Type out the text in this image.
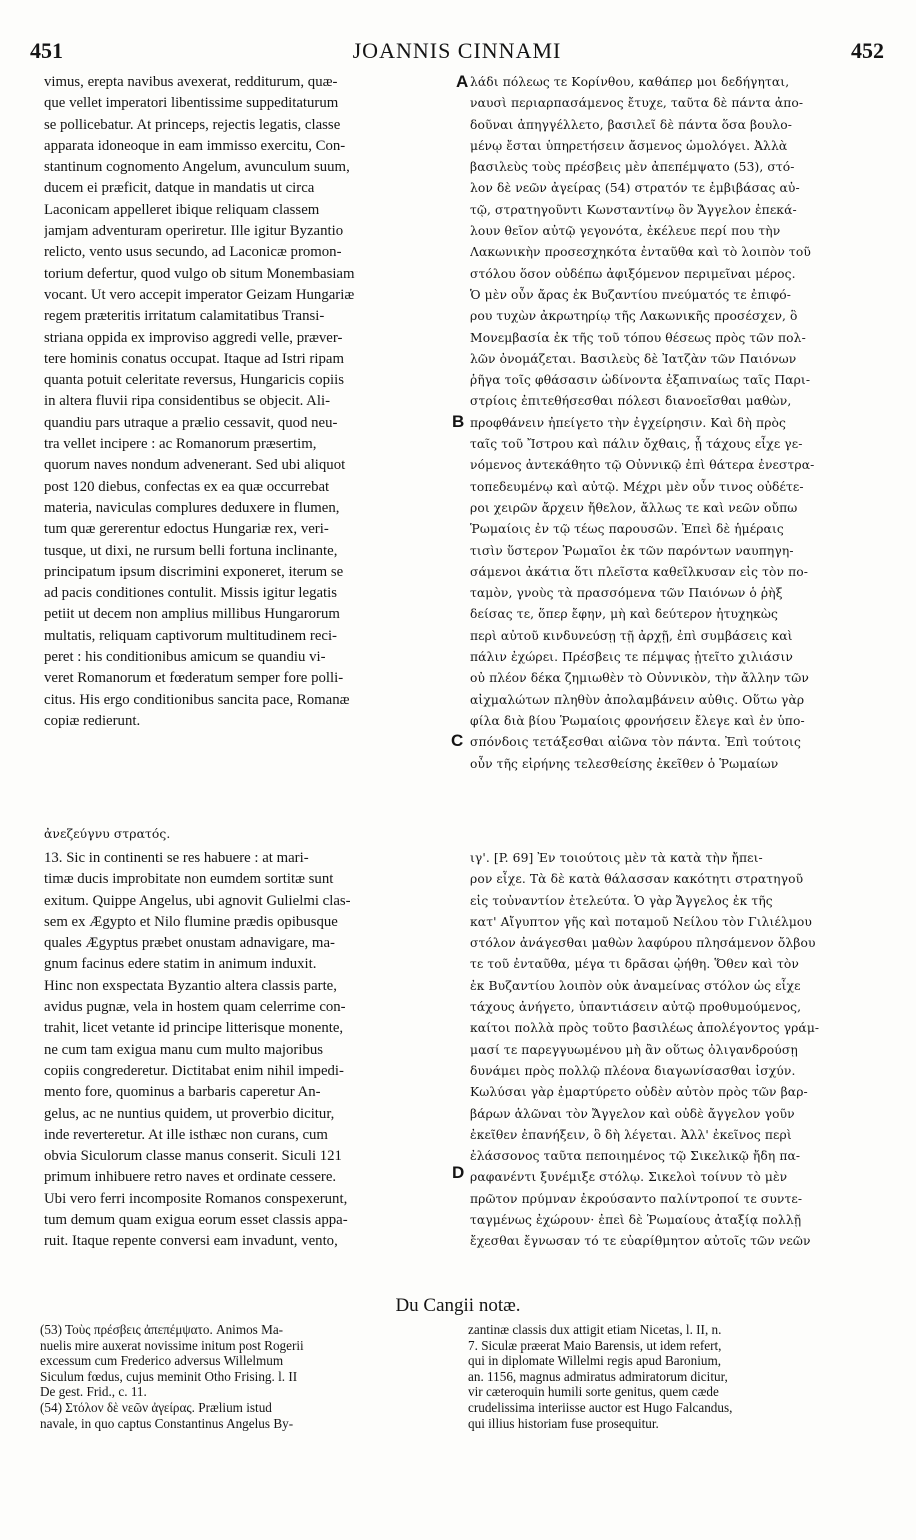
451	JOANNIS CINNAMI	452
vimus, erepta navibus avexerat, redditurum, quæ-
que vellet imperatori libentissime suppeditaturum
se pollicebatur. At princeps, rejectis legatis, classe
apparata idoneoque in eam immisso exercitu, Con-
stantinum cognomento Angelum, avunculum suum,
ducem ei præficit, datque in mandatis ut circa
Laconicam appelleret ibique reliquam classem
jamjam adventuram operiretur. Ille igitur Byzantio
relicto, vento usus secundo, ad Laconicæ promon-
torium defertur, quod vulgo ob situm Monembasiam
vocant. Ut vero accepit imperator Geizam Hungariæ
regem præteritis irritatum calamitatibus Transi-
striana oppida ex improviso aggredi velle, præver-
tere hominis conatus occupat. Itaque ad Istri ripam
quanta potuit celeritate reversus, Hungaricis copiis
in altera fluvii ripa considentibus se objecit. Ali-
quandiu pars utraque a prælio cessavit, quod neu-
tra vellet incipere : ac Romanorum præsertim,
quorum naves nondum advenerant. Sed ubi aliquot
post 120 diebus, confectas ex ea quæ occurrebat
materia, naviculas complures deduxere in flumen,
tum quæ gererentur edoctus Hungariæ rex, veri-
tusque, ut dixi, ne rursum belli fortuna inclinante,
principatum ipsum discrimini exponeret, iterum se
ad pacis conditiones contulit. Missis igitur legatis
petiit ut decem non amplius millibus Hungarorum
multatis, reliquam captivorum multitudinem reci-
peret : his conditionibus amicum se quandiu vi-
veret Romanorum et fœderatum semper fore polli-
citus. His ergo conditionibus sancita pace, Romanæ
copiæ redierunt.
λάδι πόλεως τε Κορίνθου, καθάπερ μοι δεδήγηται,
ναυσὶ περιαρπασάμενος ἔτυχε, ταῦτα δὲ πάντα ἀπο-
δοῦναι ἀπηγγέλλετο, βασιλεῖ δὲ πάντα ὅσα βουλο-
μένῳ ἔσται ὑπηρετήσειν ἄσμενος ὡμολόγει. Ἀλλὰ
βασιλεὺς τοὺς πρέσβεις μὲν ἀπεπέμψατο (53), στό-
λον δὲ νεῶν ἀγείρας (54) στρατόν τε ἐμβιβάσας αὐ-
τῷ, στρατηγοῦντι Κωνσταντίνῳ ὃν Ἄγγελον ἐπεκά-
λουν θεῖον αὐτῷ γεγονότα, ἐκέλευε περί που τὴν
Λακωνικὴν προσεσχηκότα ἐνταῦθα καὶ τὸ λοιπὸν τοῦ
στόλου ὅσον οὐδέπω ἀφιξόμενον περιμεῖναι μέρος.
Ὁ μὲν οὖν ἄρας ἐκ Βυζαντίου πνεύματός τε ἐπιφό-
ρου τυχὼν ἀκρωτηρίῳ τῆς Λακωνικῆς προσέσχεν, ὃ
Μονεμβασία ἐκ τῆς τοῦ τόπου θέσεως πρὸς τῶν πολ-
λῶν ὀνομάζεται. Βασιλεὺς δὲ Ἰατζὰν τῶν Παιόνων
ῥῆγα τοῖς φθάσασιν ὠδίνοντα ἐξαπιναίως ταῖς Παρι-
στρίοις ἐπιτεθήσεσθαι πόλεσι διανοεῖσθαι μαθὼν,
προφθάνειν ἠπείγετο τὴν ἐγχείρησιν. Καὶ δὴ πρὸς
ταῖς τοῦ Ἴστρου καὶ πάλιν ὄχθαις, ᾗ τάχους εἶχε γε-
νόμενος ἀντεκάθητο τῷ Οὐννικῷ ἐπὶ θάτερα ἐνεστρα-
τοπεδευμένῳ καὶ αὐτῷ. Μέχρι μὲν οὖν τινος οὐδέτε-
ροι χειρῶν ἄρχειν ἤθελον, ἄλλως τε καὶ νεῶν οὔπω
Ῥωμαίοις ἐν τῷ τέως παρουσῶν. Ἐπεὶ δὲ ἡμέραις
τισὶν ὕστερον Ῥωμαῖοι ἐκ τῶν παρόντων ναυπηγη-
σάμενοι ἀκάτια ὅτι πλεῖστα καθεῖλκυσαν εἰς τὸν πο-
ταμὸν, γνοὺς τὰ πρασσόμενα τῶν Παιόνων ὁ ῥὴξ
δείσας τε, ὅπερ ἔφην, μὴ καὶ δεύτερον ἠτυχηκὼς
περὶ αὐτοῦ κινδυνεύσῃ τῇ ἀρχῇ, ἐπὶ συμβάσεις καὶ
πάλιν ἐχώρει. Πρέσβεις τε πέμψας ᾐτεῖτο χιλιάσιν
οὐ πλέον δέκα ζημιωθὲν τὸ Οὐννικὸν, τὴν ἄλλην τῶν
αἰχμαλώτων πληθὺν ἀπολαμβάνειν αὐθις. Οὕτω γὰρ
φίλα διὰ βίου Ῥωμαίοις φρονήσειν ἔλεγε καὶ ἐν ὑπο-
σπόνδοις τετάξεσθαι αἰῶνα τὸν πάντα. Ἐπὶ τούτοις
οὖν τῆς εἰρήνης τελεσθείσης ἐκεῖθεν ὁ Ῥωμαίων
ἀνεζεύγνυ στρατός.
13. Sic in continenti se res habuere : at mari-
timæ ducis improbitate non eumdem sortitæ sunt
exitum. Quippe Angelus, ubi agnovit Gulielmi clas-
sem ex Ægypto et Nilo flumine prædis opibusque
quales Ægyptus præbet onustam adnavigare, ma-
gnum facinus edere statim in animum induxit.
Hinc non exspectata Byzantio altera classis parte,
avidus pugnæ, vela in hostem quam celerrime con-
trahit, licet vetante id principe litterisque monente,
ne cum tam exigua manu cum multo majoribus
copiis congrederetur. Dictitabat enim nihil impedi-
mento fore, quominus a barbaris caperetur An-
gelus, ac ne nuntius quidem, ut proverbio dicitur,
inde reverteretur. At ille isthæc non curans, cum
obvia Siculorum classe manus conserit. Siculi 121
primum inhibuere retro naves et ordinate cessere.
Ubi vero ferri incomposite Romanos conspexerunt,
tum demum quam exigua eorum esset classis appa-
ruit. Itaque repente conversi eam invadunt, vento,
ιγ'. [P. 69] Ἐν τοιούτοις μὲν τὰ κατὰ τὴν ἤπει-
ρον εἶχε. Τὰ δὲ κατὰ θάλασσαν κακότητι στρατηγοῦ
εἰς τοὐναντίον ἐτελεύτα. Ὁ γὰρ Ἄγγελος ἐκ τῆς
κατ' Αἴγυπτον γῆς καὶ ποταμοῦ Νείλου τὸν Γιλιέλμου
στόλον ἀνάγεσθαι μαθὼν λαφύρου πλησάμενον ὄλβου
τε τοῦ ἐνταῦθα, μέγα τι δρᾶσαι ᾠήθη. Ὅθεν καὶ τὸν
ἐκ Βυζαντίου λοιπὸν οὐκ ἀναμείνας στόλον ὡς εἶχε
τάχους ἀνήγετο, ὑπαντιάσειν αὐτῷ προθυμούμενος,
καίτοι πολλὰ πρὸς τοῦτο βασιλέως ἀπολέγοντος γράμ-
μασί τε παρεγγυωμένου μὴ ἂν οὕτως ὀλιγανδρούσῃ
δυνάμει πρὸς πολλῷ πλέονα διαγωνίσασθαι ἰσχύν.
Κωλύσαι γὰρ ἐμαρτύρετο οὐδὲν αὐτὸν πρὸς τῶν βαρ-
βάρων ἁλῶναι τὸν Ἄγγελον καὶ οὐδὲ ἄγγελον γοῦν
ἐκεῖθεν ἐπανήξειν, ὃ δὴ λέγεται. Ἀλλ' ἐκεῖνος περὶ
ἐλάσσονος ταῦτα πεποιημένος τῷ Σικελικῷ ἤδη πα-
ραφανέντι ξυνέμιξε στόλῳ. Σικελοὶ τοίνυν τὸ μὲν
πρῶτον πρύμναν ἐκρούσαντο παλίντροποί τε συντε-
ταγμένως ἐχώρουν· ἐπεὶ δὲ Ῥωμαίους ἀταξίᾳ πολλῇ
ἔχεσθαι ἔγνωσαν τό τε εὐαρίθμητον αὐτοῖς τῶν νεῶν
A
B
C
D
Du Cangii notæ.
(53) Τοὺς πρέσβεις ἀπεπέμψατο. Animos Ma-
nuelis mire auxerat novissime initum post Rogerii
excessum cum Frederico adversus Willelmum
Siculum fœdus, cujus meminit Otho Frising. l. II
De gest. Frid., c. 11.
(54) Στόλον δὲ νεῶν ἀγείρας. Prælium istud
navale, in quo captus Constantinus Angelus By-
zantinæ classis dux attigit etiam Nicetas, l. II, n.
7. Siculæ præerat Maio Barensis, ut idem refert,
qui in diplomate Willelmi regis apud Baronium,
an. 1156, magnus admiratus admiratorum dicitur,
vir cæteroquin humili sorte genitus, quem cæde
crudelissima interiisse auctor est Hugo Falcandus,
qui illius historiam fuse prosequitur.
